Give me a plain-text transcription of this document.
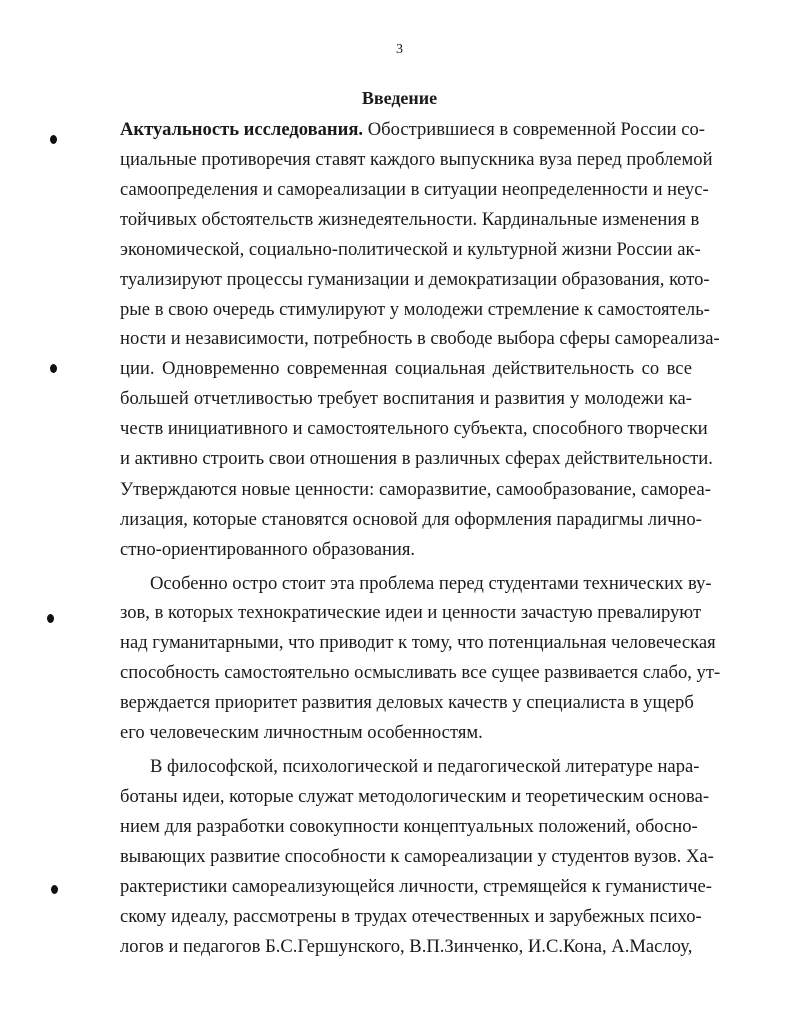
3
Введение
Актуальность исследования. Обострившиеся в современной России со-
циальные противоречия ставят каждого выпускника вуза перед проблемой
самоопределения и самореализации в ситуации неопределенности и неус-
тойчивых обстоятельств жизнедеятельности. Кардинальные изменения в
экономической, социально-политической и культурной жизни России ак-
туализируют процессы гуманизации и демократизации образования, кото-
рые в свою очередь стимулируют у молодежи стремление к самостоятель-
ности и независимости, потребность в свободе выбора сферы самореализа-
ции. Одновременно современная социальная действительность со все
большей отчетливостью требует воспитания и развития у молодежи ка-
честв инициативного и самостоятельного субъекта, способного творчески
и активно строить свои отношения в различных сферах действительности.
Утверждаются новые ценности: саморазвитие, самообразование, самореа-
лизация, которые становятся основой для оформления парадигмы лично-
стно-ориентированного образования.
Особенно остро стоит эта проблема перед студентами технических ву-
зов, в которых технократические идеи и ценности зачастую превалируют
над гуманитарными, что приводит к тому, что потенциальная человеческая
способность самостоятельно осмысливать все сущее развивается слабо, ут-
верждается приоритет развития деловых качеств у специалиста в ущерб
его человеческим личностным особенностям.
В философской, психологической и педагогической литературе нара-
ботаны идеи, которые служат методологическим и теоретическим основа-
нием для разработки совокупности концептуальных положений, обосно-
вывающих развитие способности к самореализации у студентов вузов. Ха-
рактеристики самореализующейся личности, стремящейся к гуманистиче-
скому идеалу, рассмотрены в трудах отечественных и зарубежных психо-
логов и педагогов Б.С.Гершунского, В.П.Зинченко, И.С.Кона, А.Маслоу,
